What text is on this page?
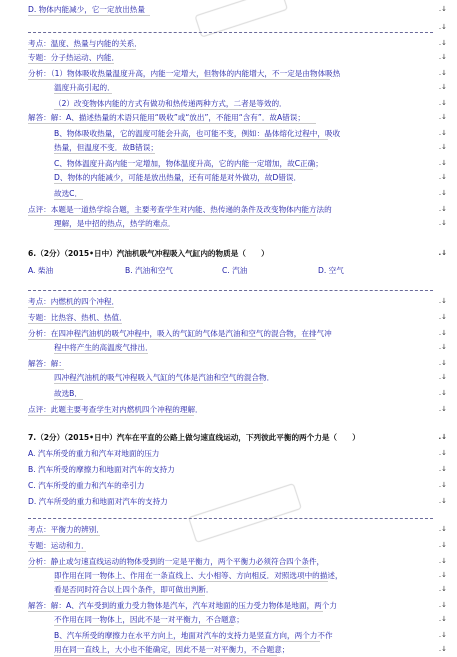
D. 物体内能减少，它一定放出热量	.↓
.↓
考点：温度、热量与内能的关系．	.↓
专题：分子热运动、内能．	.↓
分析：（1）物体吸收热量温度升高，内能一定增大，但物体的内能增大，不一定是由物体吸热	.↓
温度升高引起的．	.↓
（2）改变物体内能的方式有做功和热传递两种方式，二者是等效的．	.↓
解答：解：A、描述热量的术语只能用“吸收”或“放出”，不能用“含有”．故A错误；	.↓
B、物体吸收热量，它的温度可能会升高，也可能不变，例如：晶体熔化过程中，吸收	.↓
热量，但温度不变．故B错误；	.↓
C、物体温度升高内能一定增加，物体温度升高，它的内能一定增加，故C正确；	.↓
D、物体的内能减少，可能是放出热量，还有可能是对外做功，故D错误．	.↓
故选C．	.↓
点评：本题是一道热学综合题，主要考查学生对内能、热传递的条件及改变物体内能方法的	.↓
理解，是中招的热点，热学的难点．	.↓
6.（2分）（2015•日中）汽油机吸气冲程吸入气缸内的物质是（　　）	.↓
A. 柴油	B. 汽油和空气	C. 汽油	D. 空气
考点：内燃机的四个冲程．	.↓
专题：比热容、热机、热值．	.↓
分析：在四冲程汽油机的吸气冲程中，吸入的气缸的气体是汽油和空气的混合物，在排气冲	.↓
程中将产生的高温废气排出．	.↓
解答：解：	.↓
四冲程汽油机的吸气冲程吸入气缸的气体是汽油和空气的混合物．	.↓
故选B．	.↓
点评：此题主要考查学生对内燃机四个冲程的理解．	.↓
7.（2分）（2015•日中）汽车在平直的公路上做匀速直线运动，下列彼此平衡的两个力是（　　）	.↓
A. 汽车所受的重力和汽车对地面的压力	.↓
B. 汽车所受的摩擦力和地面对汽车的支持力	.↓
C. 汽车所受的重力和汽车的牵引力	.↓
D. 汽车所受的重力和地面对汽车的支持力	.↓
考点：平衡力的辨别．	.↓
专题：运动和力．	.↓
分析：静止或匀速直线运动的物体受到的一定是平衡力，两个平衡力必须符合四个条件，	.↓
即作用在同一物体上、作用在一条直线上、大小相等、方向相反．对照选项中的描述，	.↓
看是否同时符合以上四个条件，即可做出判断．	.↓
解答：解：A、汽车受到的重力受力物体是汽车，汽车对地面的压力受力物体是地面，两个力	.↓
不作用在同一物体上，因此不是一对平衡力，不合题意；	.↓
B、汽车所受的摩擦力在水平方向上，地面对汽车的支持力是竖直方向，两个力不作	.↓
用在同一直线上，大小也不能确定，因此不是一对平衡力，不合题意；	.↓
